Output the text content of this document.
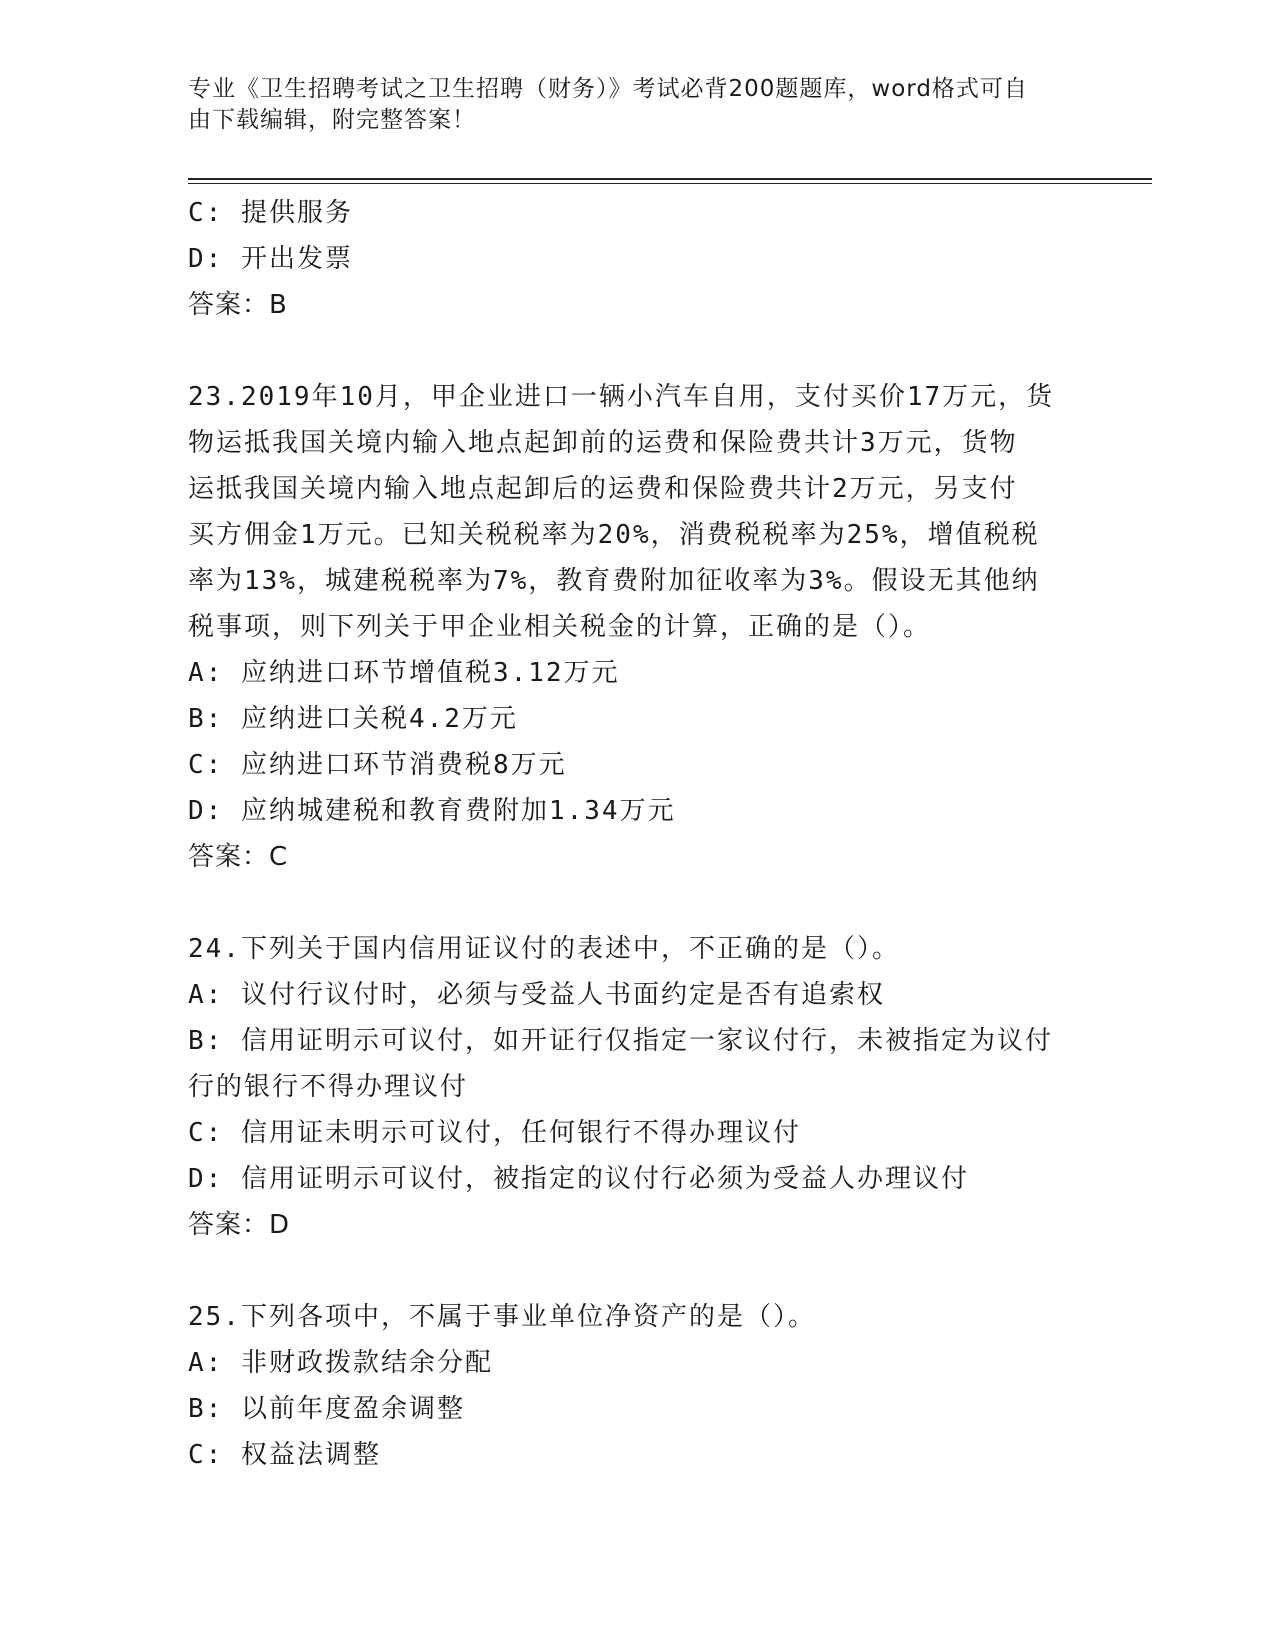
专业《卫生招聘考试之卫生招聘（财务）》考试必背200题题库，word格式可自
由下载编辑，附完整答案！
C: 提供服务
D: 开出发票
答案：B
23.2019年10月，甲企业进口一辆小汽车自用，支付买价17万元，货
物运抵我国关境内输入地点起卸前的运费和保险费共计3万元，货物
运抵我国关境内输入地点起卸后的运费和保险费共计2万元，另支付
买方佣金1万元。已知关税税率为20%，消费税税率为25%，增值税税
率为13%，城建税税率为7%，教育费附加征收率为3%。假设无其他纳
税事项，则下列关于甲企业相关税金的计算，正确的是（）。
A: 应纳进口环节增值税3.12万元
B: 应纳进口关税4.2万元
C: 应纳进口环节消费税8万元
D: 应纳城建税和教育费附加1.34万元
答案：C
24.下列关于国内信用证议付的表述中，不正确的是（）。
A: 议付行议付时，必须与受益人书面约定是否有追索权
B: 信用证明示可议付，如开证行仅指定一家议付行，未被指定为议付
行的银行不得办理议付
C: 信用证未明示可议付，任何银行不得办理议付
D: 信用证明示可议付，被指定的议付行必须为受益人办理议付
答案：D
25.下列各项中，不属于事业单位净资产的是（）。
A: 非财政拨款结余分配
B: 以前年度盈余调整
C: 权益法调整
